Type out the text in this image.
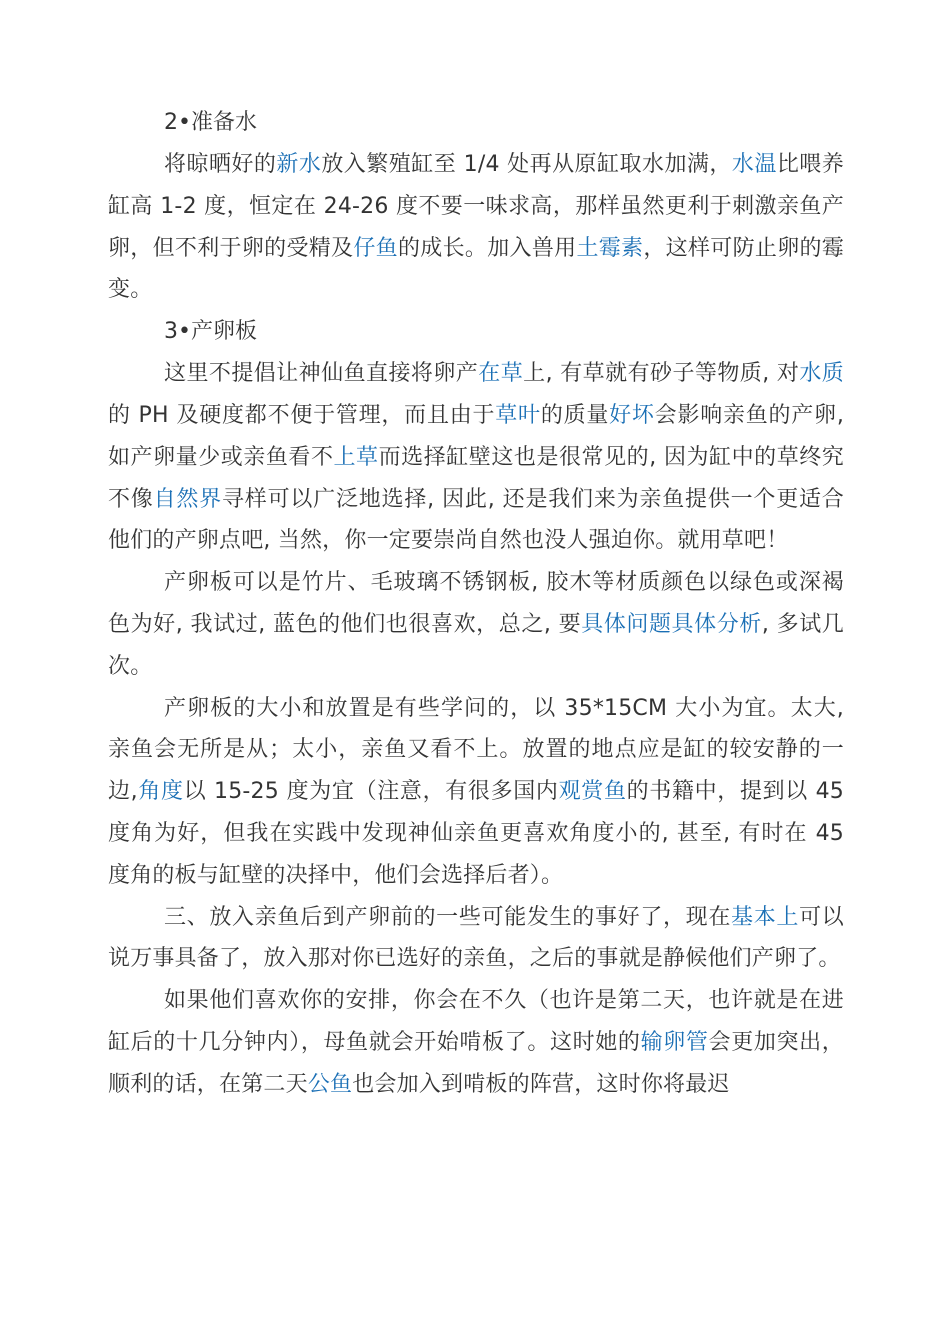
2•准备水

将晾晒好的新水放入繁殖缸至 1/4 处再从原缸取水加满，水温比喂养缸高 1-2 度，恒定在 24-26 度不要一味求高，那样虽然更利于刺激亲鱼产卵，但不利于卵的受精及仔鱼的成长。加入兽用土霉素，这样可防止卵的霉变。

3•产卵板

这里不提倡让神仙鱼直接将卵产在草上, 有草就有砂子等物质, 对水质的 PH 及硬度都不便于管理，而且由于草叶的质量好坏会影响亲鱼的产卵, 如产卵量少或亲鱼看不上草而选择缸壁这也是很常见的, 因为缸中的草终究不像自然界寻样可以广泛地选择, 因此, 还是我们来为亲鱼提供一个更适合他们的产卵点吧, 当然，你一定要崇尚自然也没人强迫你。就用草吧！

产卵板可以是竹片、毛玻璃不锈钢板, 胶木等材质颜色以绿色或深褐色为好, 我试过, 蓝色的他们也很喜欢，总之, 要具体问题具体分析, 多试几次。

产卵板的大小和放置是有些学问的，以 35*15CM 大小为宜。太大, 亲鱼会无所是从；太小，亲鱼又看不上。放置的地点应是缸的较安静的一边,角度以 15-25 度为宜（注意，有很多国内观赏鱼的书籍中，提到以 45 度角为好，但我在实践中发现神仙亲鱼更喜欢角度小的, 甚至, 有时在 45 度角的板与缸壁的决择中，他们会选择后者）。

三、放入亲鱼后到产卵前的一些可能发生的事好了，现在基本上可以说万事具备了，放入那对你已选好的亲鱼，之后的事就是静候他们产卵了。

如果他们喜欢你的安排，你会在不久（也许是第二天，也许就是在进缸后的十几分钟内），母鱼就会开始啃板了。这时她的输卵管会更加突出，顺利的话，在第二天公鱼也会加入到啃板的阵营，这时你将最迟
